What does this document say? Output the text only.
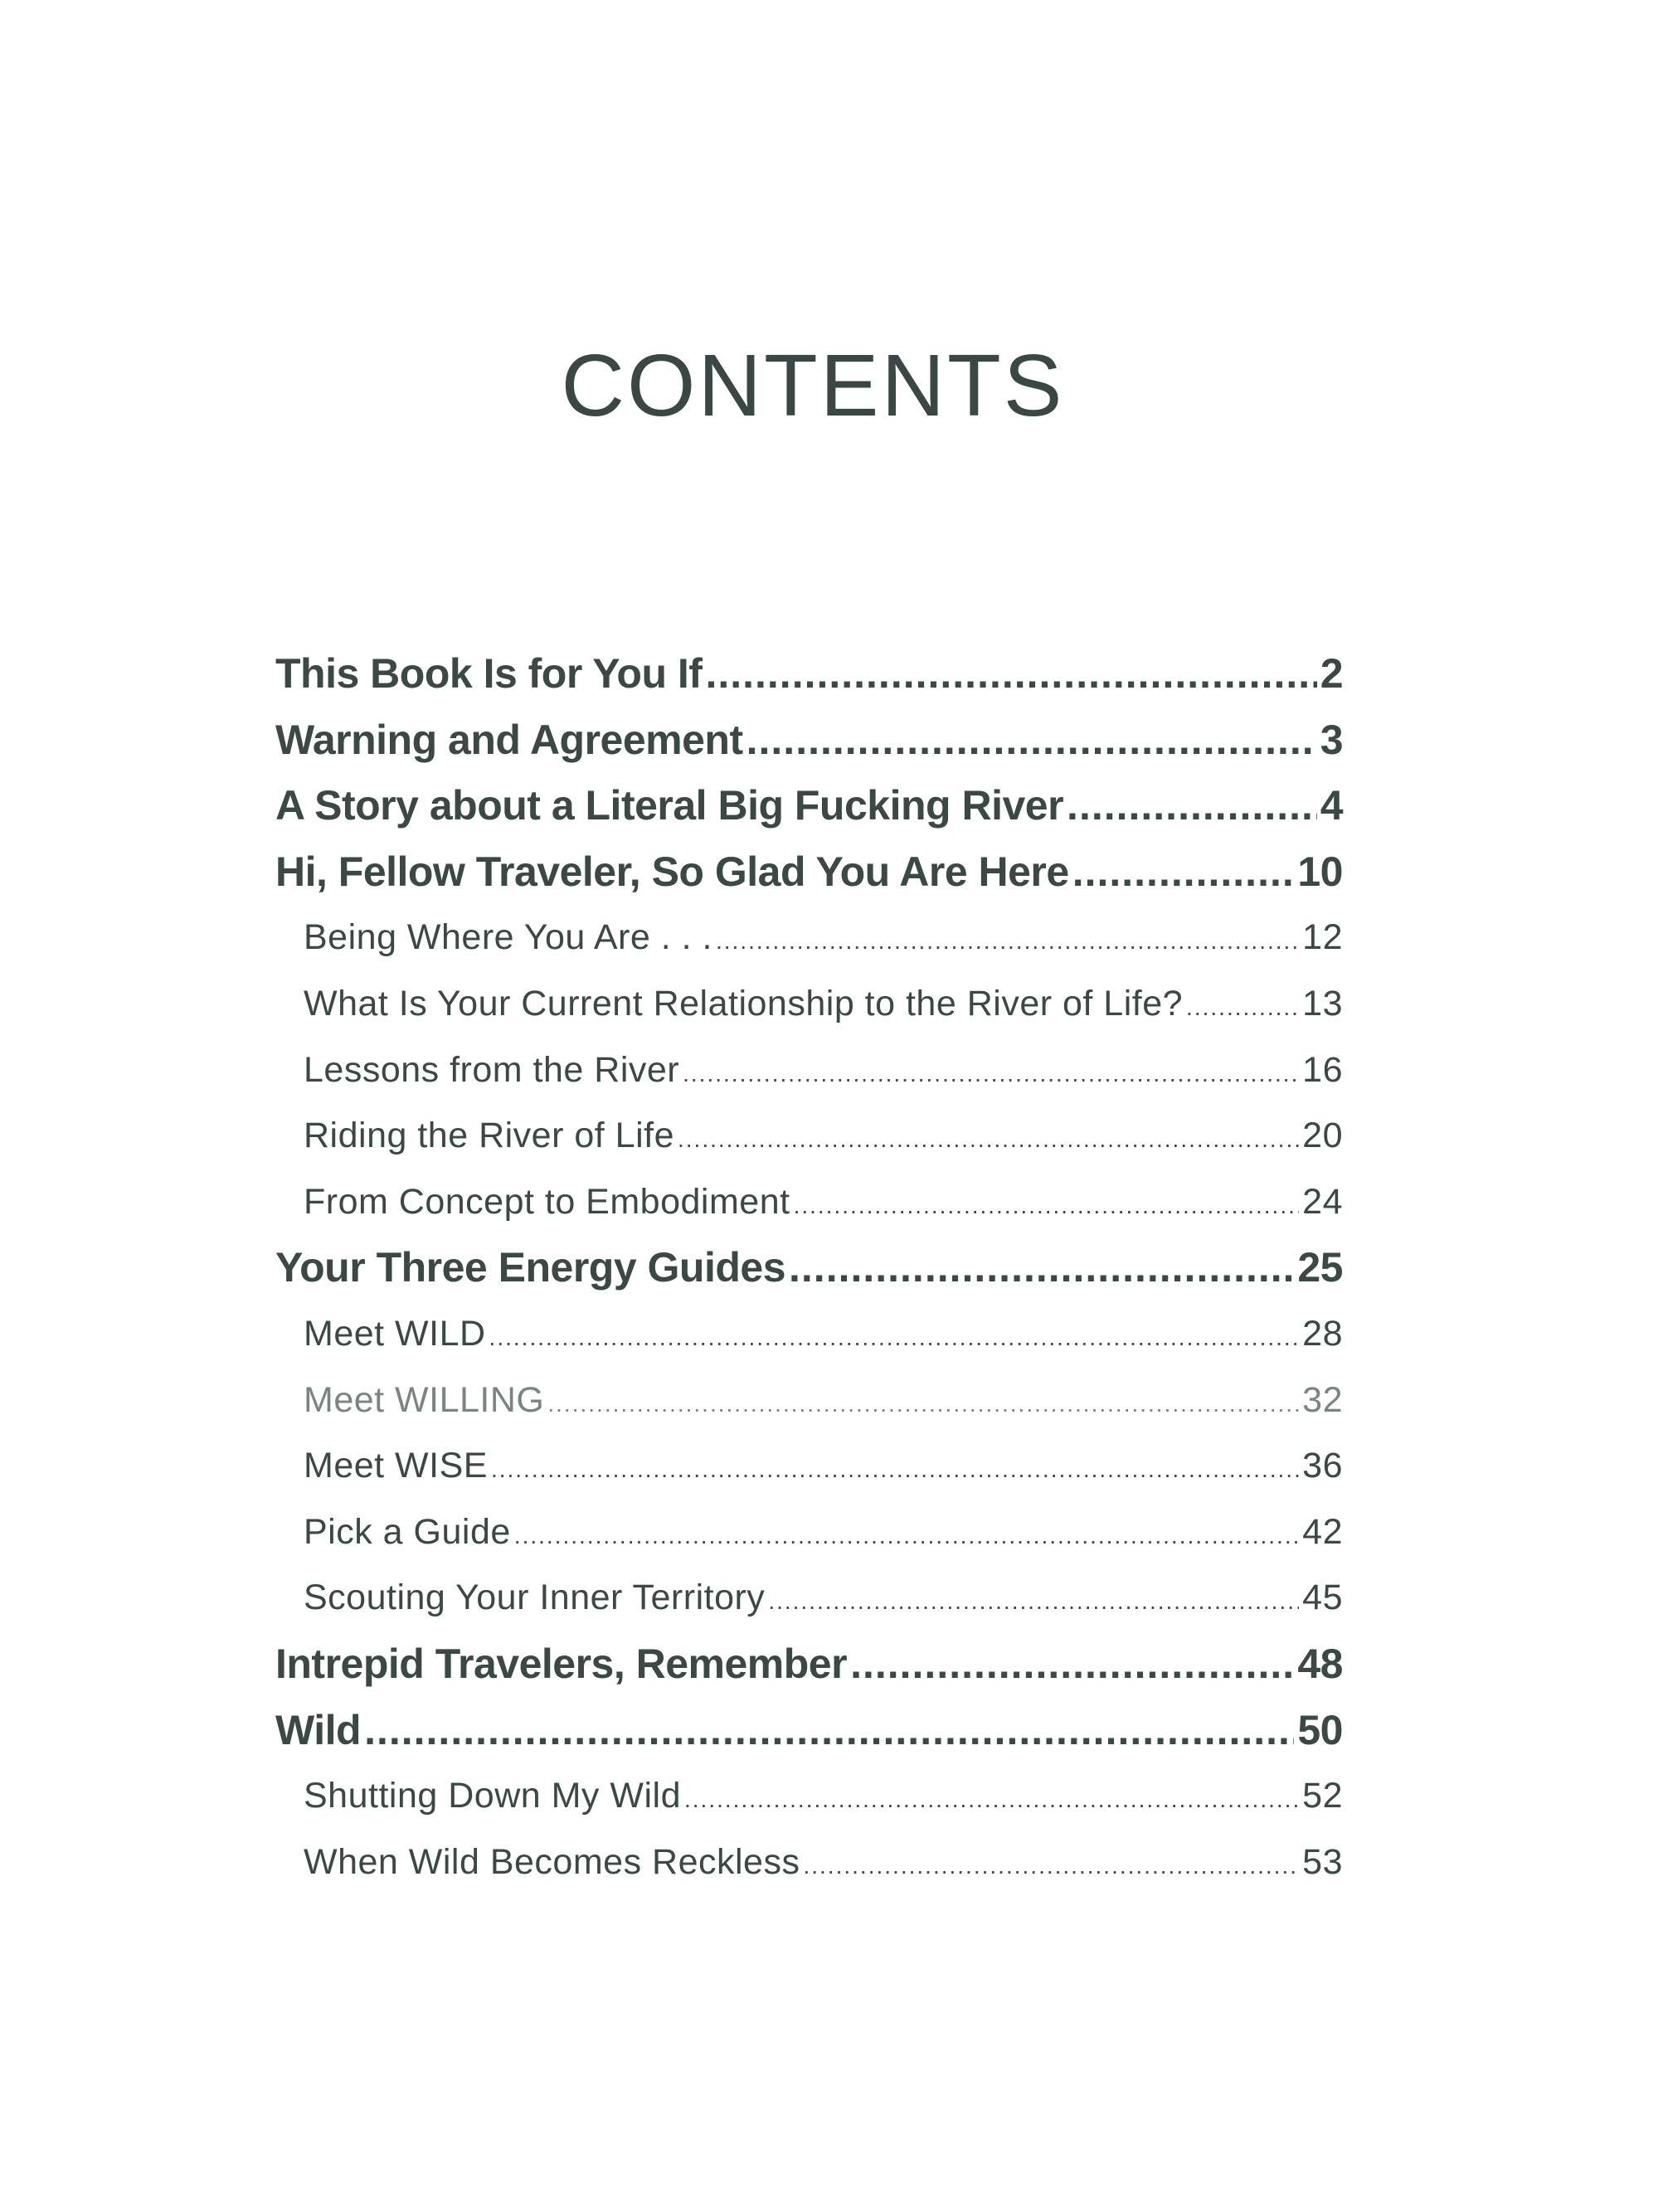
CONTENTS
This Book Is for You If .....	2
Warning and Agreement .....	3
A Story about a Literal Big Fucking River .....	4
Hi, Fellow Traveler, So Glad You Are Here .....	10
Being Where You Are . . . .....	12
What Is Your Current Relationship to the River of Life? .....	13
Lessons from the River .....	16
Riding the River of Life .....	20
From Concept to Embodiment .....	24
Your Three Energy Guides .....	25
Meet WILD .....	28
Meet WILLING .....	32
Meet WISE .....	36
Pick a Guide .....	42
Scouting Your Inner Territory .....	45
Intrepid Travelers, Remember .....	48
Wild .....	50
Shutting Down My Wild .....	52
When Wild Becomes Reckless .....	53
